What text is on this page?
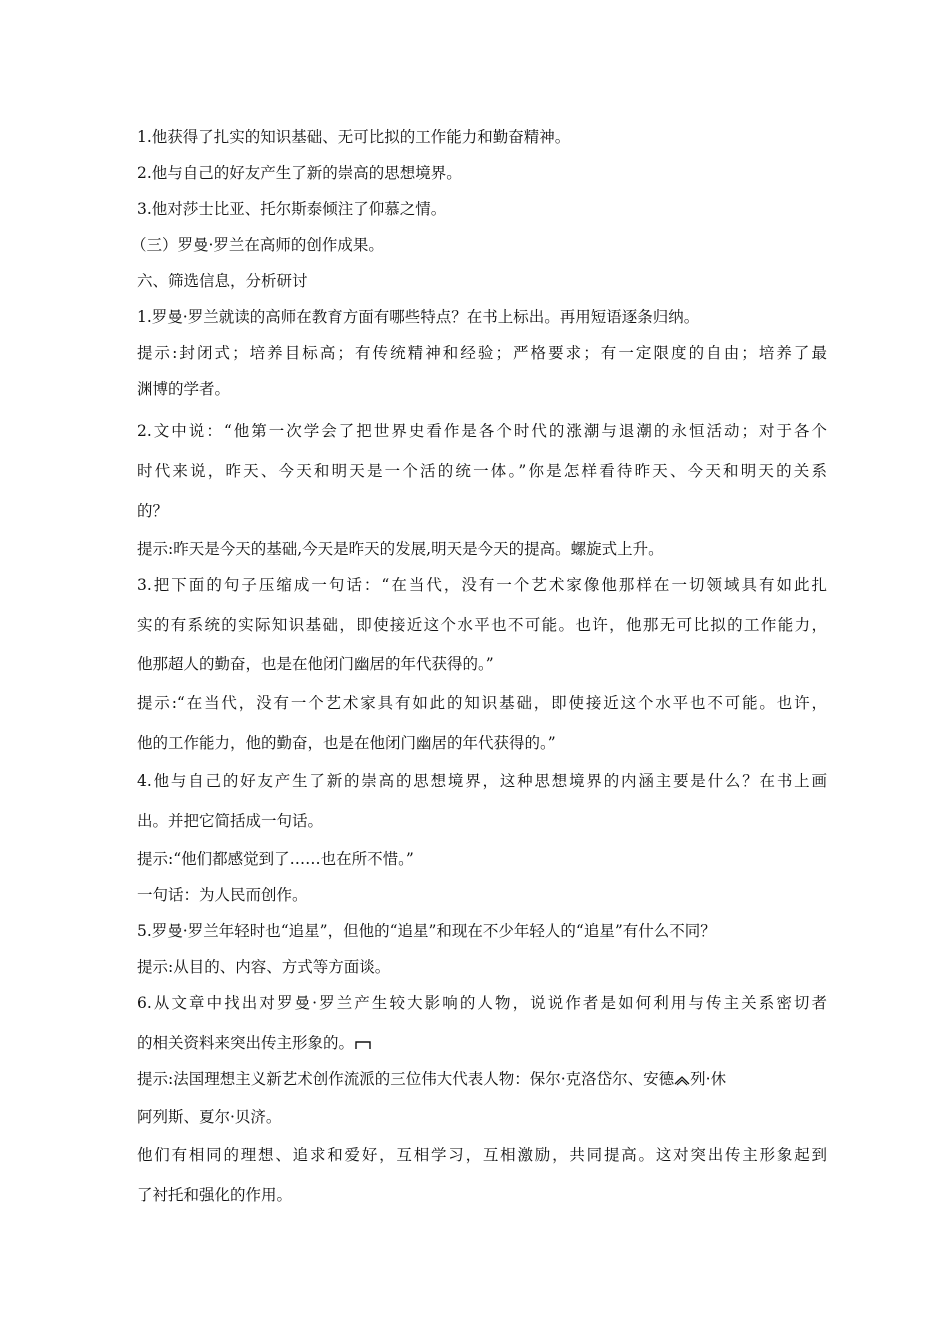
1.他获得了扎实的知识基础、无可比拟的工作能力和勤奋精神。
2.他与自己的好友产生了新的崇高的思想境界。
3.他对莎士比亚、托尔斯泰倾注了仰慕之情。
（三）罗曼·罗兰在高师的创作成果。
六、筛选信息，分析研讨
1.罗曼·罗兰就读的高师在教育方面有哪些特点？在书上标出。再用短语逐条归纳。
提示:封闭式；培养目标高；有传统精神和经验；严格要求；有一定限度的自由；培养了最
渊博的学者。
2.文中说：“他第一次学会了把世界史看作是各个时代的涨潮与退潮的永恒活动；对于各个
时代来说，昨天、今天和明天是一个活的统一体。”你是怎样看待昨天、今天和明天的关系
的？
提示:昨天是今天的基础,今天是昨天的发展,明天是今天的提高。螺旋式上升。
3.把下面的句子压缩成一句话：“在当代，没有一个艺术家像他那样在一切领域具有如此扎
实的有系统的实际知识基础，即使接近这个水平也不可能。也许，他那无可比拟的工作能力，
他那超人的勤奋，也是在他闭门幽居的年代获得的。”
提示:“在当代，没有一个艺术家具有如此的知识基础，即使接近这个水平也不可能。也许，
他的工作能力，他的勤奋，也是在他闭门幽居的年代获得的。”
4.他与自己的好友产生了新的崇高的思想境界，这种思想境界的内涵主要是什么？在书上画
出。并把它简括成一句话。
提示:“他们都感觉到了……也在所不惜。”
一句话：为人民而创作。
5.罗曼·罗兰年轻时也“追星”，但他的“追星”和现在不少年轻人的“追星”有什么不同？
提示:从目的、内容、方式等方面谈。
6.从文章中找出对罗曼·罗兰产生较大影响的人物，说说作者是如何利用与传主关系密切者
的相关资料来突出传主形象的。
提示:法国理想主义新艺术创作流派的三位伟大代表人物：保尔·克洛岱尔、安德 列·休
阿列斯、夏尔·贝济。
他们有相同的理想、追求和爱好，互相学习，互相激励，共同提高。这对突出传主形象起到
了衬托和强化的作用。
